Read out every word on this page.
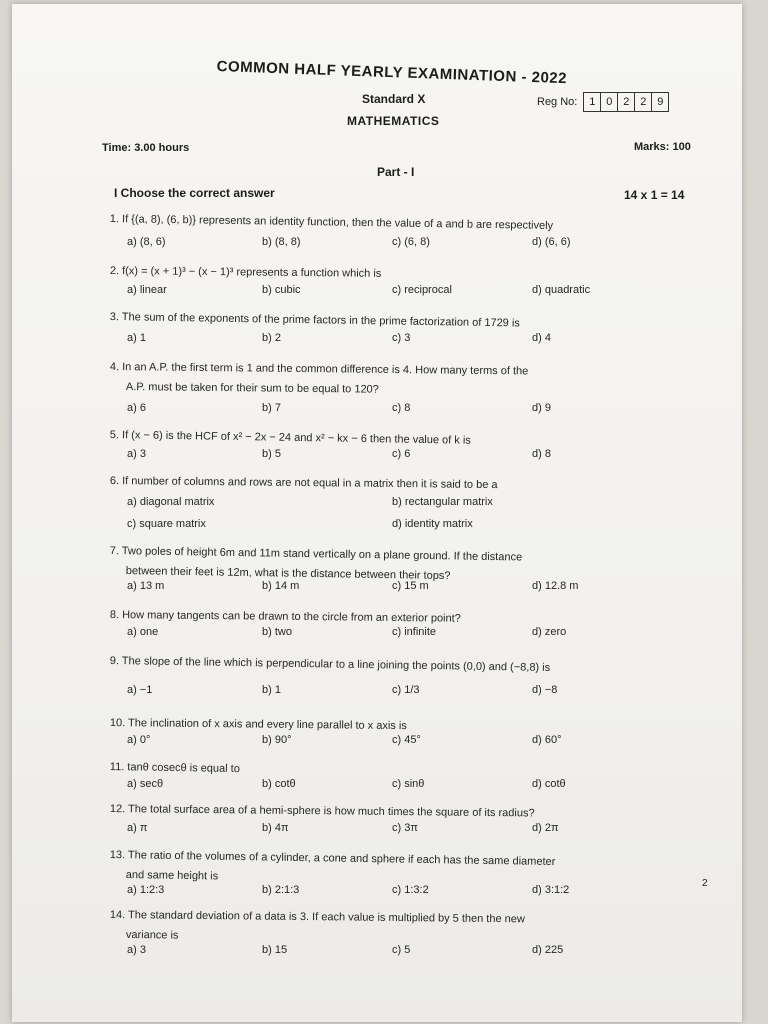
COMMON HALF YEARLY EXAMINATION - 2022
Standard X	Reg No:	1 0 2 2 9
MATHEMATICS
Time: 3.00 hours	Marks: 100
Part - I
I Choose the correct answer	14 x 1 = 14
1. If {(a, 8), (6, b)} represents an identity function, then the value of a and b are respectively
a) (8, 6)	b) (8, 8)	c) (6, 8)	d) (6, 6)
2. f(x) = (x + 1)³ − (x − 1)³ represents a function which is
a) linear	b) cubic	c) reciprocal	d) quadratic
3. The sum of the exponents of the prime factors in the prime factorization of 1729 is
a) 1	b) 2	c) 3	d) 4
4. In an A.P. the first term is 1 and the common difference is 4. How many terms of the
A.P. must be taken for their sum to be equal to 120?
a) 6	b) 7	c) 8	d) 9
5. If (x − 6) is the HCF of x² − 2x − 24 and x² − kx − 6 then the value of k is
a) 3	b) 5	c) 6	d) 8
6. If number of columns and rows are not equal in a matrix then it is said to be a
a) diagonal matrix	b) rectangular matrix
c) square matrix	d) identity matrix
7. Two poles of height 6m and 11m stand vertically on a plane ground. If the distance
between their feet is 12m, what is the distance between their tops?
a) 13 m	b) 14 m	c) 15 m	d) 12.8 m
8. How many tangents can be drawn to the circle from an exterior point?
a) one	b) two	c) infinite	d) zero
9. The slope of the line which is perpendicular to a line joining the points (0,0) and (−8,8) is
a) −1	b) 1	c) 1/3	d) −8
10. The inclination of x axis and every line parallel to x axis is
a) 0°	b) 90°	c) 45°	d) 60°
11. tanθ cosecθ is equal to
a) secθ	b) cotθ	c) sinθ	d) cotθ
12. The total surface area of a hemi-sphere is how much times the square of its radius?
a) π	b) 4π	c) 3π	d) 2π
13. The ratio of the volumes of a cylinder, a cone and sphere if each has the same diameter
and same height is
a) 1:2:3	b) 2:1:3	c) 1:3:2	d) 3:1:2
14. The standard deviation of a data is 3. If each value is multiplied by 5 then the new
variance is
a) 3	b) 15	c) 5	d) 225
2
